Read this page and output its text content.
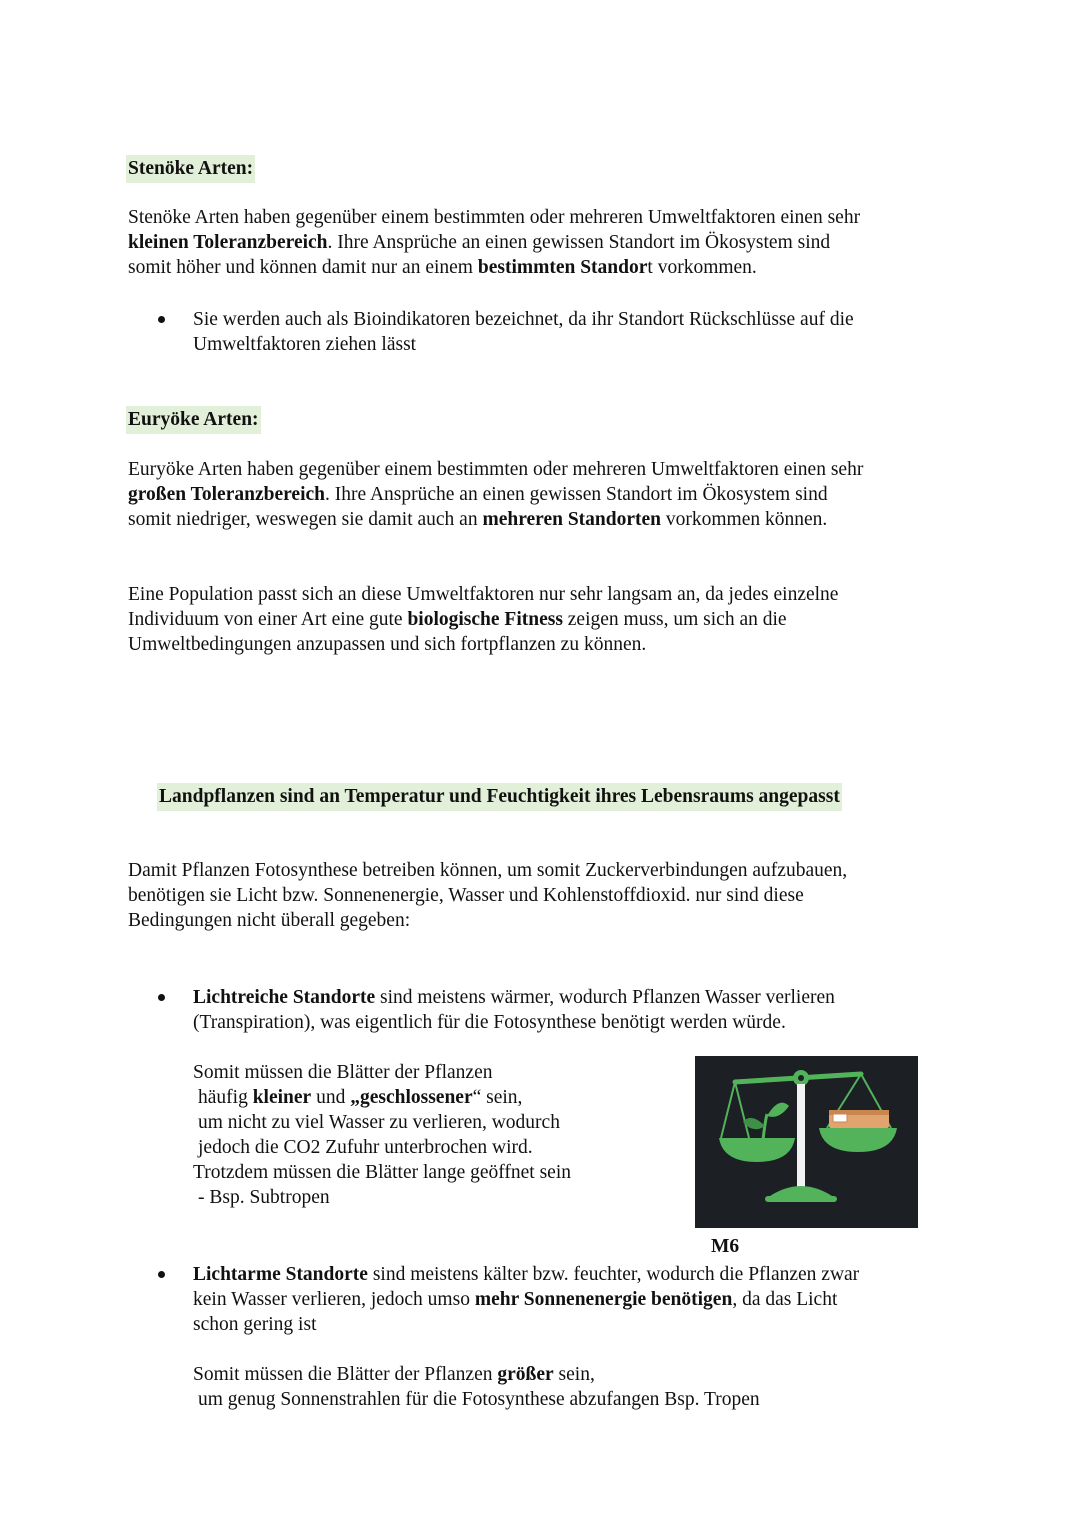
Stenöke Arten:

Stenöke Arten haben gegenüber einem bestimmten oder mehreren Umweltfaktoren einen sehr
kleinen Toleranzbereich. Ihre Ansprüche an einen gewissen Standort im Ökosystem sind
somit höher und können damit nur an einem bestimmten Standort vorkommen.

Sie werden auch als Bioindikatoren bezeichnet, da ihr Standort Rückschlüsse auf die
Umweltfaktoren ziehen lässt

Euryöke Arten:

Euryöke Arten haben gegenüber einem bestimmten oder mehreren Umweltfaktoren einen sehr
großen Toleranzbereich. Ihre Ansprüche an einen gewissen Standort im Ökosystem sind
somit niedriger, weswegen sie damit auch an mehreren Standorten vorkommen können.

Eine Population passt sich an diese Umweltfaktoren nur sehr langsam an, da jedes einzelne
Individuum von einer Art eine gute biologische Fitness zeigen muss, um sich an die
Umweltbedingungen anzupassen und sich fortpflanzen zu können.

Landpflanzen sind an Temperatur und Feuchtigkeit ihres Lebensraums angepasst

Damit Pflanzen Fotosynthese betreiben können, um somit Zuckerverbindungen aufzubauen,
benötigen sie Licht bzw. Sonnenenergie, Wasser und Kohlenstoffdioxid. nur sind diese
Bedingungen nicht überall gegeben:

Lichtreiche Standorte sind meistens wärmer, wodurch Pflanzen Wasser verlieren
(Transpiration), was eigentlich für die Fotosynthese benötigt werden würde.

Somit müssen die Blätter der Pflanzen
häufig kleiner und „geschlossener“ sein,
um nicht zu viel Wasser zu verlieren, wodurch
jedoch die CO2 Zufuhr unterbrochen wird.
Trotzdem müssen die Blätter lange geöffnet sein
- Bsp. Subtropen

M6

Lichtarme Standorte sind meistens kälter bzw. feuchter, wodurch die Pflanzen zwar
kein Wasser verlieren, jedoch umso mehr Sonnenenergie benötigen, da das Licht
schon gering ist

Somit müssen die Blätter der Pflanzen größer sein,
um genug Sonnenstrahlen für die Fotosynthese abzufangen Bsp. Tropen
